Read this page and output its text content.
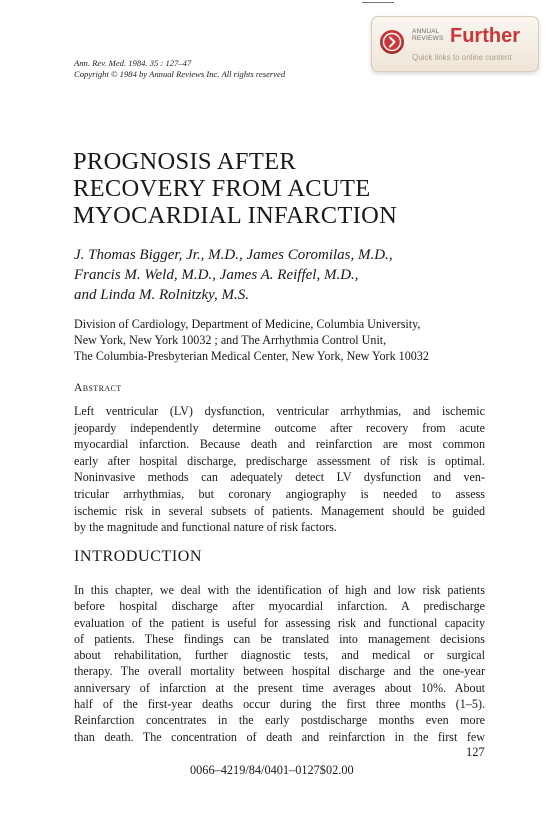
Ann. Rev. Med. 1984. 35 : 127–47
Copyright © 1984 by Annual Reviews Inc. All rights reserved
ANNUAL
REVIEWS Further
Quick links to online content
PROGNOSIS AFTER
RECOVERY FROM ACUTE
MYOCARDIAL INFARCTION
J. Thomas Bigger, Jr., M.D., James Coromilas, M.D.,
Francis M. Weld, M.D., James A. Reiffel, M.D.,
and Linda M. Rolnitzky, M.S.
Division of Cardiology, Department of Medicine, Columbia University,
New York, New York 10032 ; and The Arrhythmia Control Unit,
The Columbia-Presbyterian Medical Center, New York, New York 10032
Abstract
Left ventricular (LV) dysfunction, ventricular arrhythmias, and ischemic
jeopardy independently determine outcome after recovery from acute
myocardial infarction. Because death and reinfarction are most common
early after hospital discharge, predischarge assessment of risk is optimal.
Noninvasive methods can adequately detect LV dysfunction and ven-
tricular arrhythmias, but coronary angiography is needed to assess
ischemic risk in several subsets of patients. Management should be guided
by the magnitude and functional nature of risk factors.
INTRODUCTION
In this chapter, we deal with the identification of high and low risk patients
before hospital discharge after myocardial infarction. A predischarge
evaluation of the patient is useful for assessing risk and functional capacity
of patients. These findings can be translated into management decisions
about rehabilitation, further diagnostic tests, and medical or surgical
therapy. The overall mortality between hospital discharge and the one-year
anniversary of infarction at the present time averages about 10%. About
half of the first-year deaths occur during the first three months (1–5).
Reinfarction concentrates in the early postdischarge months even more
than death. The concentration of death and reinfarction in the first few
127
0066–4219/84/0401–0127$02.00
